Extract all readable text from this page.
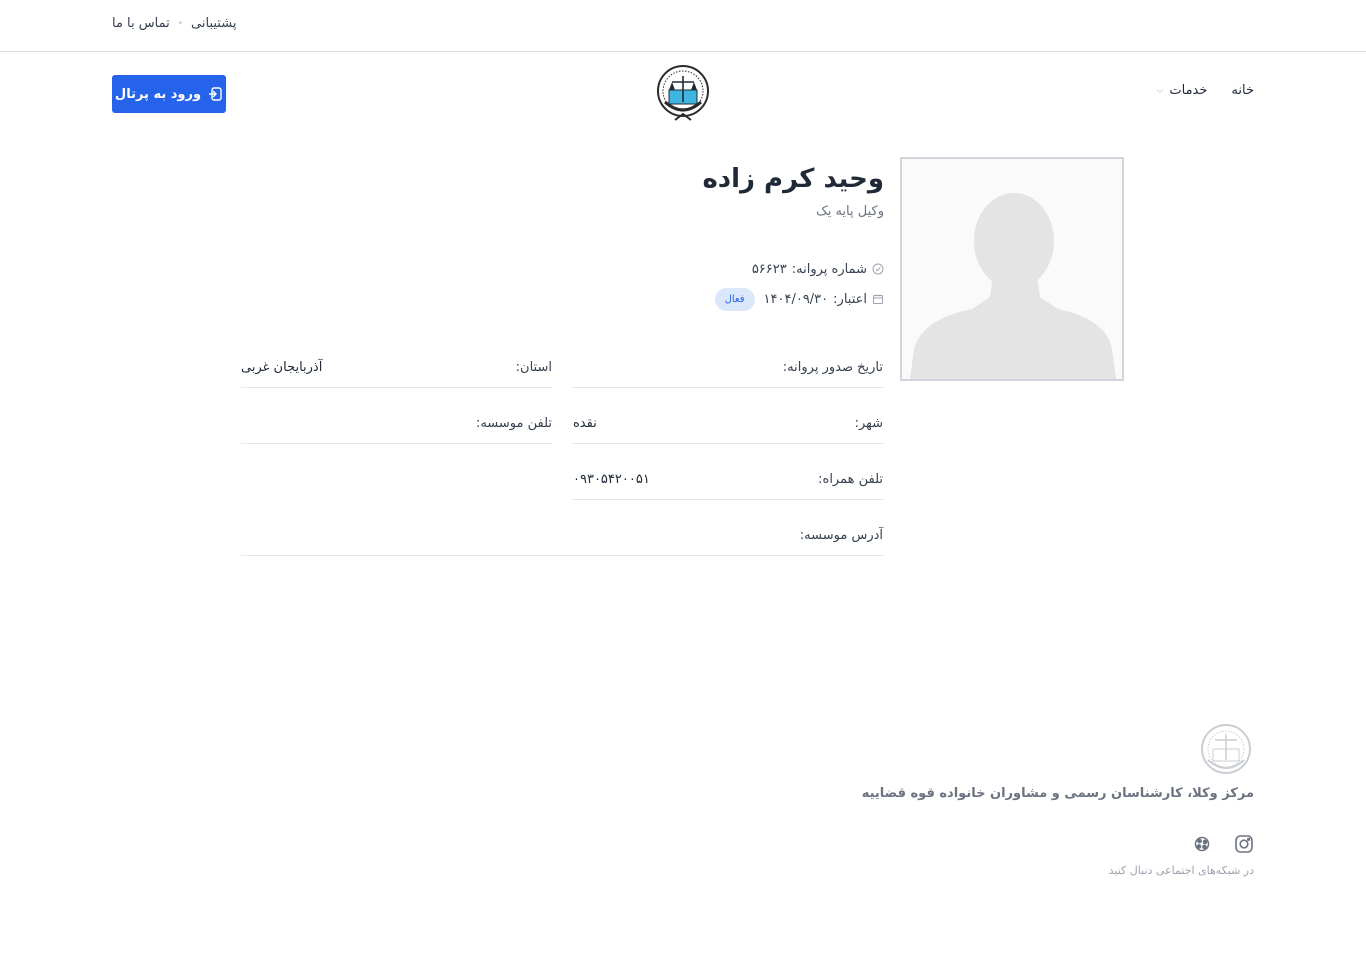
پشتیبانی
•
تماس با ما
ورود به پرتال	خانه
خدمات
⌵
وحید کرم زاده
وکیل پایه یک
شماره پروانه:
۵۶۶۲۳
اعتبار:
۱۴۰۴/۰۹/۳۰
فعال
تاریخ صدور پروانه:
استان:
آذربایجان غربی
شهر:
نقده
تلفن موسسه:
تلفن همراه:
۰۹۳۰۵۴۲۰۰۵۱
آدرس موسسه:
مرکز وکلا، کارشناسان رسمی و مشاوران خانواده قوه قضاییه
در شبکه‌های اجتماعی دنبال کنید
